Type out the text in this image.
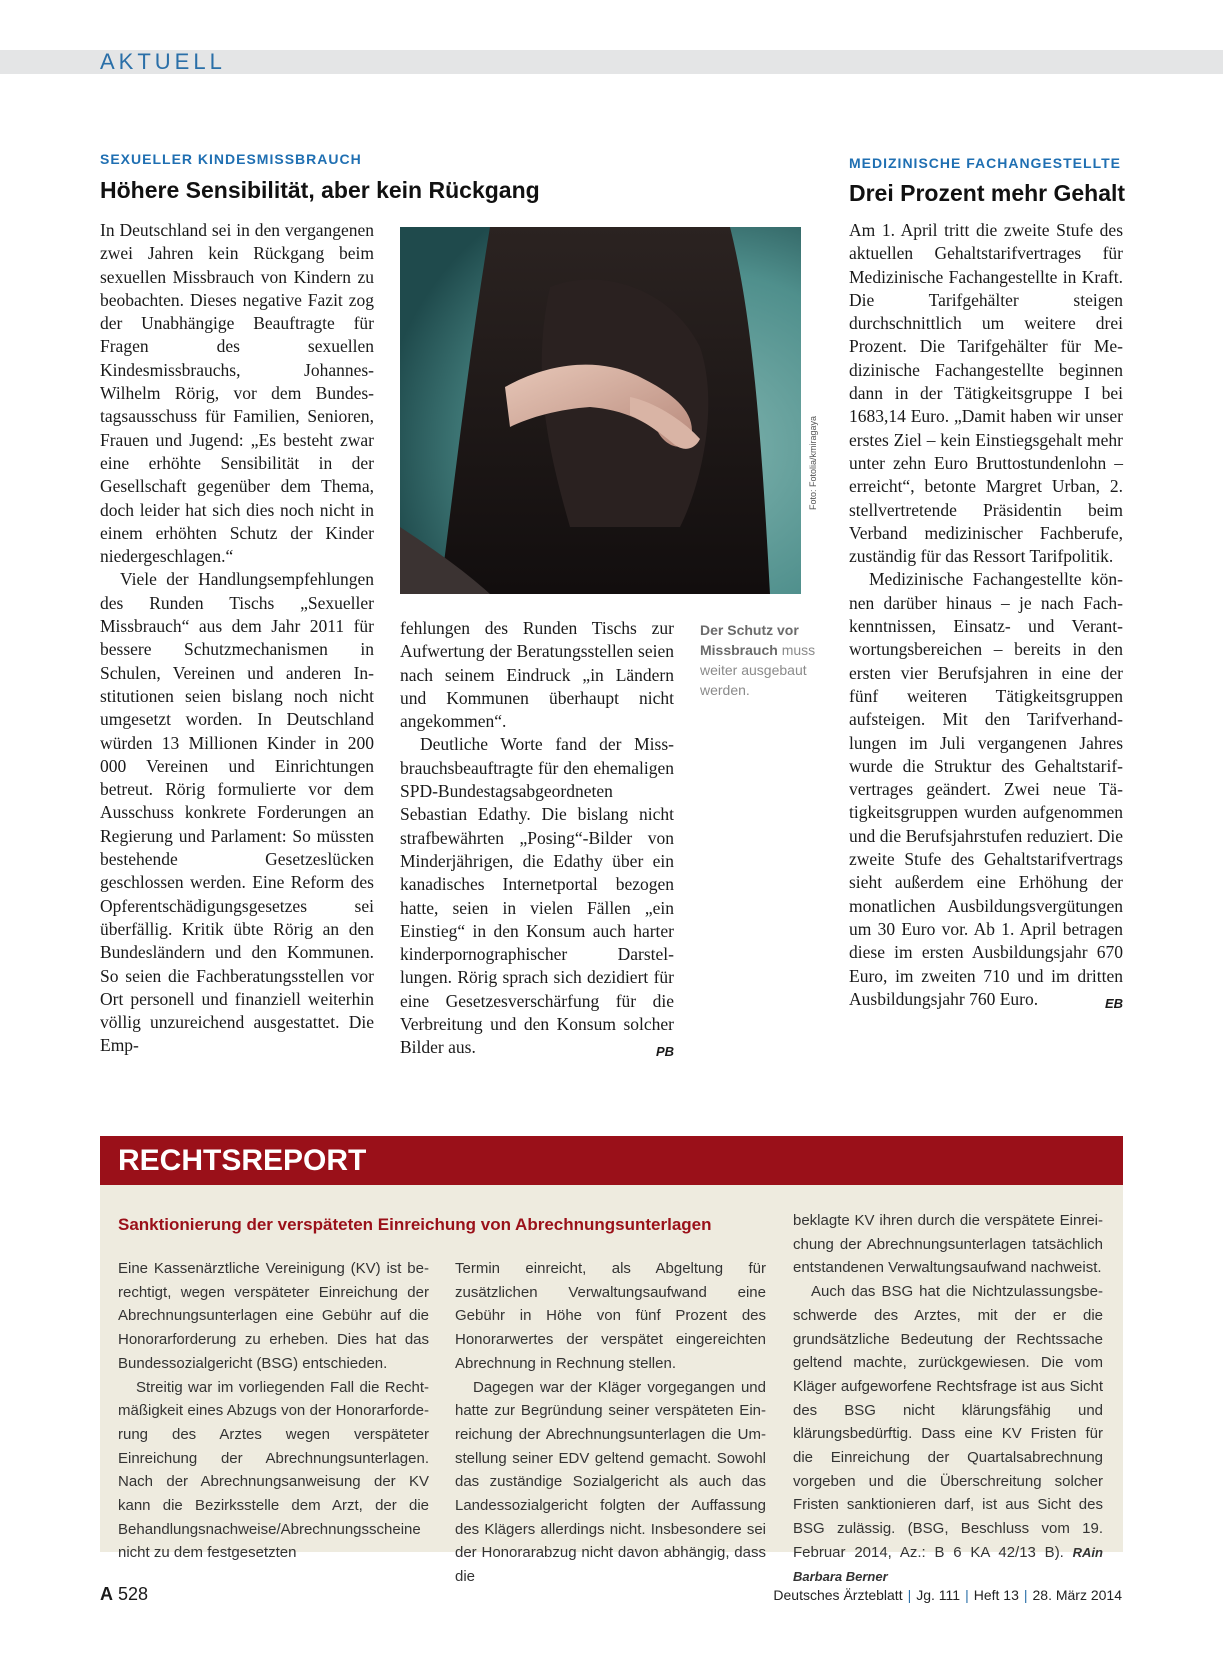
AKTUELL
SEXUELLER KINDESMISSBRAUCH
Höhere Sensibilität, aber kein Rückgang

In Deutschland sei in den vergangenen zwei Jahren kein Rückgang beim sexuellen Missbrauch von Kindern zu beobachten. Dieses negative Fazit zog der Unabhängige Beauftragte für Fragen des sexuellen Kindesmissbrauchs, Johannes-Wilhelm Rörig, vor dem Bundestagsausschuss für Familien, Senioren, Frauen und Jugend: „Es besteht zwar eine erhöhte Sensibilität in der Gesellschaft gegenüber dem Thema, doch leider hat sich dies noch nicht in einem erhöhten Schutz der Kinder niedergeschlagen.“

Viele der Handlungsempfehlungen des Runden Tischs „Sexueller Missbrauch“ aus dem Jahr 2011 für bessere Schutzmechanismen in Schulen, Vereinen und anderen Institutionen seien bislang noch nicht umgesetzt worden. In Deutschland würden 13 Millionen Kinder in 200 000 Vereinen und Einrichtungen betreut. Rörig formulierte vor dem Ausschuss konkrete Forderungen an Regierung und Parlament: So müssten bestehende Gesetzeslücken geschlossen werden. Eine Reform des Opferentschädigungsgesetzes sei überfällig. Kritik übte Rörig an den Bundesländern und den Kommunen. So seien die Fachberatungsstellen vor Ort personell und finanziell weiterhin völlig unzureichend ausgestattet. Die Emp-

Foto: Fotolia/kmiragaya

fehlungen des Runden Tischs zur Aufwertung der Beratungsstellen seien nach seinem Eindruck „in Ländern und Kommunen überhaupt nicht angekommen“.

Deutliche Worte fand der Missbrauchsbeauftragte für den ehemaligen SPD-Bundestagsabgeordneten Sebastian Edathy. Die bislang nicht strafbewährten „Posing“-Bilder von Minderjährigen, die Edathy über ein kanadisches Internetportal bezogen hatte, seien in vielen Fällen „ein Einstieg“ in den Konsum auch harter kinderpornographischer Darstellungen. Rörig sprach sich dezidiert für eine Gesetzesverschärfung für die Verbreitung und den Konsum solcher Bilder aus.	PB

Der Schutz vor Missbrauch muss weiter ausgebaut werden.
MEDIZINISCHE FACHANGESTELLTE
Drei Prozent mehr Gehalt

Am 1. April tritt die zweite Stufe des aktuellen Gehaltstarifvertrages für Medizinische Fachangestellte in Kraft. Die Tarifgehälter steigen durchschnittlich um weitere drei Prozent. Die Tarifgehälter für Medizinische Fachangestellte beginnen dann in der Tätigkeitsgruppe I bei 1683,14 Euro. „Damit haben wir unser erstes Ziel – kein Einstiegsgehalt mehr unter zehn Euro Bruttostundenlohn – erreicht“, betonte Margret Urban, 2. stellvertretende Präsidentin beim Verband medizinischer Fachberufe, zuständig für das Ressort Tarifpolitik.

Medizinische Fachangestellte können darüber hinaus – je nach Fachkenntnissen, Einsatz- und Verantwortungsbereichen – bereits in den ersten vier Berufsjahren in eine der fünf weiteren Tätigkeitsgruppen aufsteigen. Mit den Tarifverhandlungen im Juli vergangenen Jahres wurde die Struktur des Gehaltstarifvertrages geändert. Zwei neue Tätigkeitsgruppen wurden aufgenommen und die Berufsjahrstufen reduziert. Die zweite Stufe des Gehaltstarifvertrags sieht außerdem eine Erhöhung der monatlichen Ausbildungsvergütungen um 30 Euro vor. Ab 1. April betragen diese im ersten Ausbildungsjahr 670 Euro, im zweiten 710 und im dritten Ausbildungsjahr 760 Euro.	EB

RECHTSREPORT
Sanktionierung der verspäteten Einreichung von Abrechnungsunterlagen

Eine Kassenärztliche Vereinigung (KV) ist berechtigt, wegen verspäteter Einreichung der Abrechnungsunterlagen eine Gebühr auf die Honorarforderung zu erheben. Dies hat das Bundessozialgericht (BSG) entschieden.

Streitig war im vorliegenden Fall die Rechtmäßigkeit eines Abzugs von der Honorarforderung des Arztes wegen verspäteter Einreichung der Abrechnungsunterlagen. Nach der Abrechnungsanweisung der KV kann die Bezirksstelle dem Arzt, der die Behandlungsnachweise/Abrechnungsscheine nicht zu dem festgesetzten

Termin einreicht, als Abgeltung für zusätzlichen Verwaltungsaufwand eine Gebühr in Höhe von fünf Prozent des Honorarwertes der verspätet eingereichten Abrechnung in Rechnung stellen.

Dagegen war der Kläger vorgegangen und hatte zur Begründung seiner verspäteten Einreichung der Abrechnungsunterlagen die Umstellung seiner EDV geltend gemacht. Sowohl das zuständige Sozialgericht als auch das Landessozialgericht folgten der Auffassung des Klägers allerdings nicht. Insbesondere sei der Honorarabzug nicht davon abhängig, dass die

beklagte KV ihren durch die verspätete Einreichung der Abrechnungsunterlagen tatsächlich entstandenen Verwaltungsaufwand nachweist.

Auch das BSG hat die Nichtzulassungsbeschwerde des Arztes, mit der er die grundsätzliche Bedeutung der Rechtssache geltend machte, zurückgewiesen. Die vom Kläger aufgeworfene Rechtsfrage ist aus Sicht des BSG nicht klärungsfähig und klärungsbedürftig. Dass eine KV Fristen für die Einreichung der Quartalsabrechnung vorgeben und die Überschreitung solcher Fristen sanktionieren darf, ist aus Sicht des BSG zulässig. (BSG, Beschluss vom 19. Februar 2014, Az.: B 6 KA 42/13 B). RAin Barbara Berner

A 528	Deutsches Ärzteblatt | Jg. 111 | Heft 13 | 28. März 2014
